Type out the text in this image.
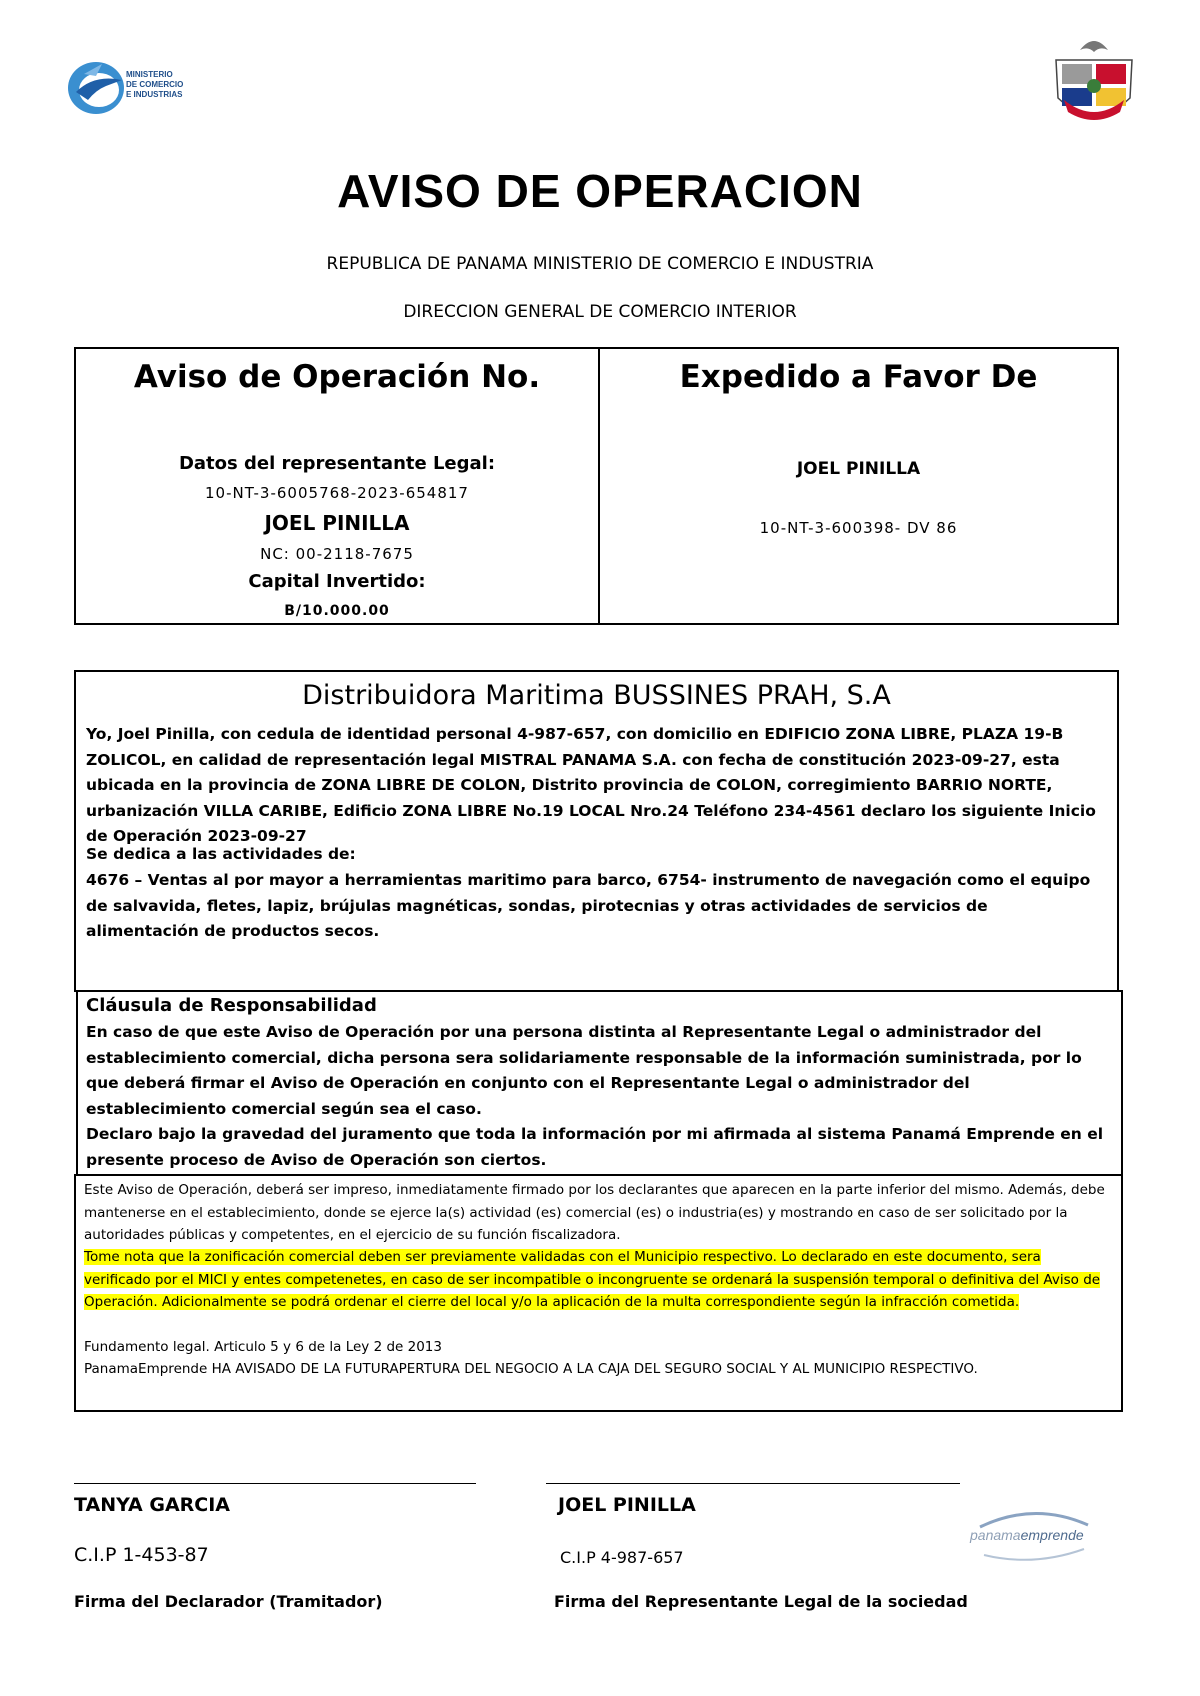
MINISTERIO
DE COMERCIO
E INDUSTRIAS
AVISO DE OPERACION
REPUBLICA DE PANAMA MINISTERIO DE COMERCIO E INDUSTRIA
DIRECCION GENERAL DE COMERCIO INTERIOR
Aviso de Operación No.
Datos del representante Legal:
10-NT-3-6005768-2023-654817
JOEL PINILLA
NC: 00-2118-7675
Capital Invertido:
B/10.000.00
Expedido a Favor De
JOEL PINILLA
10-NT-3-600398- DV 86
Distribuidora Maritima BUSSINES PRAH, S.A
Yo, Joel Pinilla, con cedula de identidad personal 4-987-657, con domicilio en EDIFICIO ZONA LIBRE, PLAZA 19-B ZOLICOL, en calidad de representación legal MISTRAL PANAMA S.A. con fecha de constitución 2023-09-27, esta ubicada en la provincia de ZONA LIBRE DE COLON, Distrito provincia de COLON, corregimiento BARRIO NORTE, urbanización VILLA CARIBE, Edificio ZONA LIBRE No.19 LOCAL Nro.24 Teléfono 234-4561 declaro los siguiente Inicio de Operación 2023-09-27
Se dedica a las actividades de:
4676 – Ventas al por mayor a herramientas maritimo para barco, 6754- instrumento de navegación como el equipo de salvavida, fletes, lapiz, brújulas magnéticas, sondas, pirotecnias y otras actividades de servicios de alimentación de productos secos.
Cláusula de Responsabilidad
En caso de que este Aviso de Operación por una persona distinta al Representante Legal o administrador del establecimiento comercial, dicha persona sera solidariamente responsable de la información suministrada, por lo que deberá firmar el Aviso de Operación en conjunto con el Representante Legal o administrador del establecimiento comercial según sea el caso.
Declaro bajo la gravedad del juramento que toda la información por mi afirmada al sistema Panamá Emprende en el presente proceso de Aviso de Operación son ciertos.
Este Aviso de Operación, deberá ser impreso, inmediatamente firmado por los declarantes que aparecen en la parte inferior del mismo. Además, debe mantenerse en el establecimiento, donde se ejerce la(s) actividad (es) comercial (es) o industria(es) y mostrando en caso de ser solicitado por la autoridades públicas y competentes, en el ejercicio de su función fiscalizadora.
Tome nota que la zonificación comercial deben ser previamente validadas con el Municipio respectivo. Lo declarado en este documento, sera verificado por el MICI y entes competenetes, en caso de ser incompatible o incongruente se ordenará la suspensión temporal o definitiva del Aviso de Operación. Adicionalmente se podrá ordenar el cierre del local y/o la aplicación de la multa correspondiente según la infracción cometida.
Fundamento legal. Articulo 5 y 6 de la Ley 2 de 2013
PanamaEmprende HA AVISADO DE LA FUTURAPERTURA DEL NEGOCIO A LA CAJA DEL SEGURO SOCIAL Y AL MUNICIPIO RESPECTIVO.
TANYA GARCIA
C.I.P 1-453-87
Firma del Declarador (Tramitador)
JOEL PINILLA
C.I.P 4-987-657
Firma del Representante Legal de la sociedad
panamaemprende
